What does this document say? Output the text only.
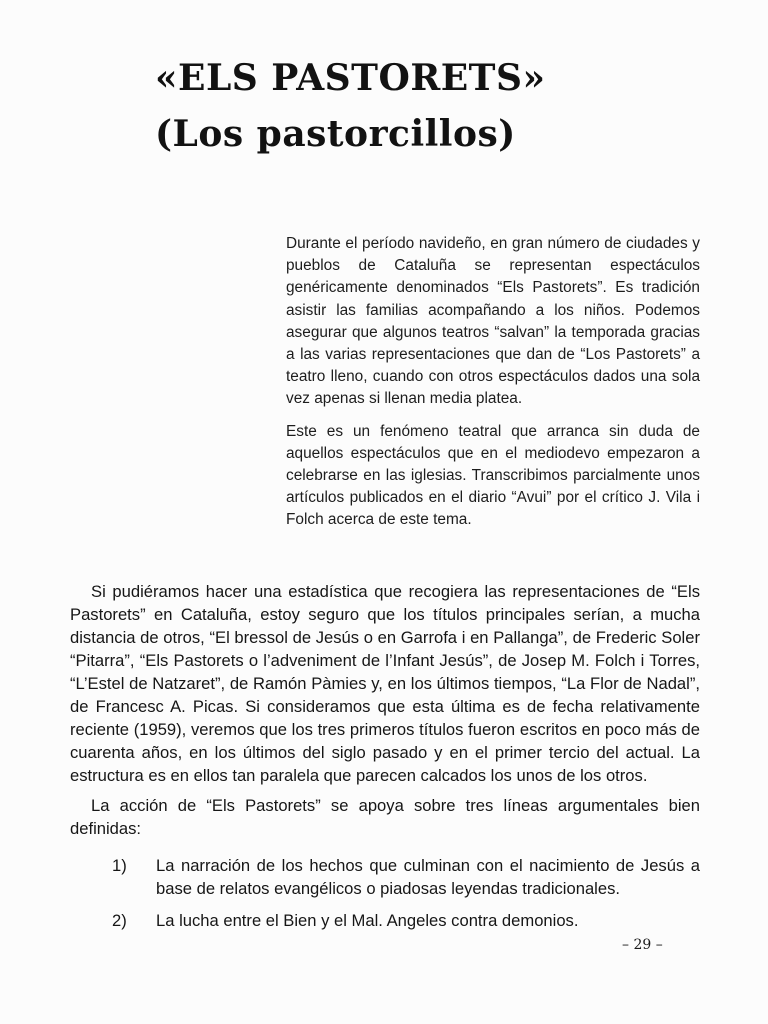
«ELS PASTORETS»
(Los pastorcillos)

Durante el período navideño, en gran número de ciudades y pueblos de Cataluña se representan espectáculos genéricamente denominados “Els Pastorets”. Es tradición asistir las familias acompañando a los niños. Podemos asegurar que algunos teatros “salvan” la temporada gracias a las varias representaciones que dan de “Los Pastorets” a teatro lleno, cuando con otros espectáculos dados una sola vez apenas si llenan media platea.

Este es un fenómeno teatral que arranca sin duda de aquellos espectáculos que en el mediodevo empezaron a celebrarse en las iglesias. Transcribimos parcialmente unos artículos publicados en el diario “Avui” por el crítico J. Vila i Folch acerca de este tema.

Si pudiéramos hacer una estadística que recogiera las representaciones de “Els Pastorets” en Cataluña, estoy seguro que los títulos principales serían, a mucha distancia de otros, “El bressol de Jesús o en Garrofa i en Pallanga”, de Frederic Soler “Pitarra”, “Els Pastorets o l’adveniment de l’Infant Jesús”, de Josep M. Folch i Torres, “L’Estel de Natzaret”, de Ramón Pàmies y, en los últimos tiempos, “La Flor de Nadal”, de Francesc A. Picas. Si consideramos que esta última es de fecha relativamente reciente (1959), veremos que los tres primeros títulos fueron escritos en poco más de cuarenta años, en los últimos del siglo pasado y en el primer tercio del actual. La estructura es en ellos tan paralela que parecen calcados los unos de los otros.

La acción de “Els Pastorets” se apoya sobre tres líneas argumentales bien definidas:

1) La narración de los hechos que culminan con el nacimiento de Jesús a base de relatos evangélicos o piadosas leyendas tradicionales.
2) La lucha entre el Bien y el Mal. Angeles contra demonios.
– 29 –
